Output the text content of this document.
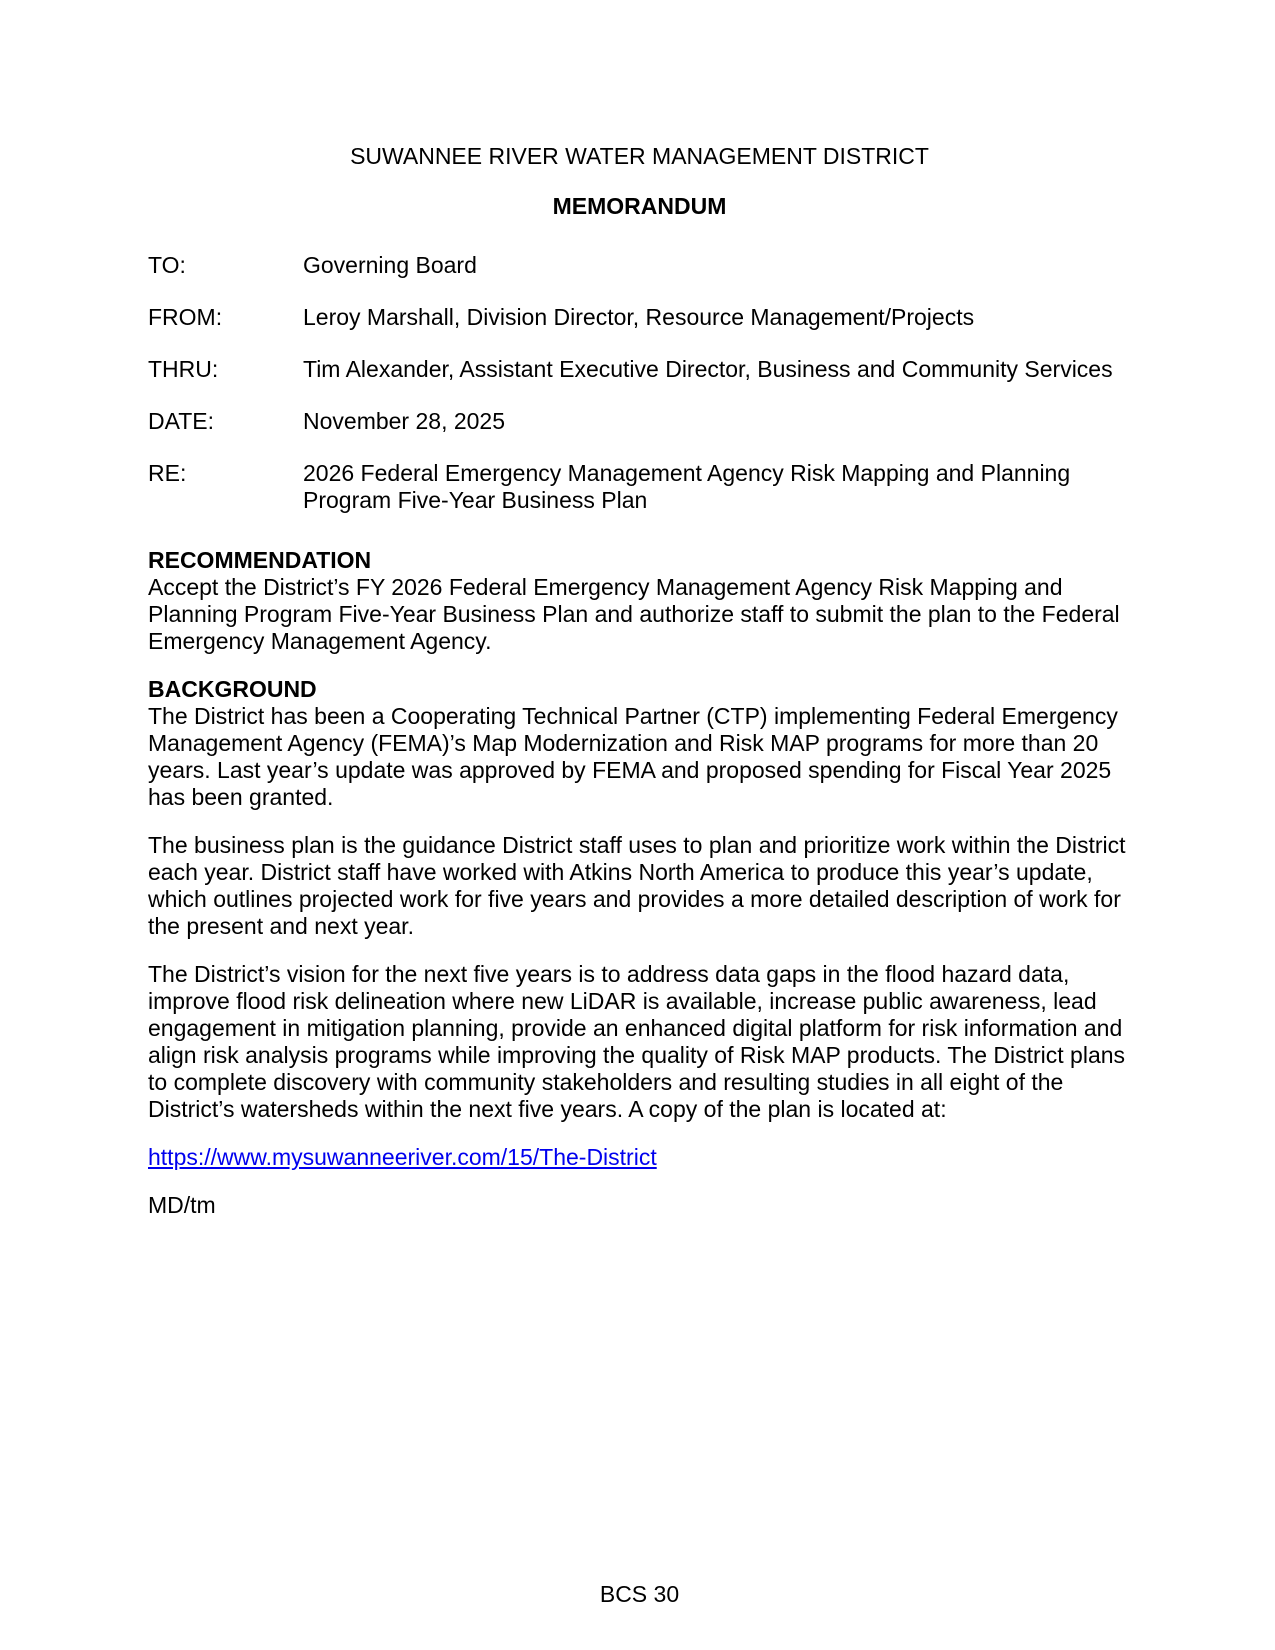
SUWANNEE RIVER WATER MANAGEMENT DISTRICT
MEMORANDUM
TO:	Governing Board
FROM:	Leroy Marshall, Division Director, Resource Management/Projects
THRU:	Tim Alexander, Assistant Executive Director, Business and Community Services
DATE:	November 28, 2025
RE:	2026 Federal Emergency Management Agency Risk Mapping and Planning Program Five-Year Business Plan
RECOMMENDATION

Accept the District’s FY 2026 Federal Emergency Management Agency Risk Mapping and Planning Program Five-Year Business Plan and authorize staff to submit the plan to the Federal Emergency Management Agency.

BACKGROUND

The District has been a Cooperating Technical Partner (CTP) implementing Federal Emergency Management Agency (FEMA)’s Map Modernization and Risk MAP programs for more than 20 years. Last year’s update was approved by FEMA and proposed spending for Fiscal Year 2025 has been granted.

The business plan is the guidance District staff uses to plan and prioritize work within the District each year. District staff have worked with Atkins North America to produce this year’s update, which outlines projected work for five years and provides a more detailed description of work for the present and next year.

The District’s vision for the next five years is to address data gaps in the flood hazard data, improve flood risk delineation where new LiDAR is available, increase public awareness, lead engagement in mitigation planning, provide an enhanced digital platform for risk information and align risk analysis programs while improving the quality of Risk MAP products. The District plans to complete discovery with community stakeholders and resulting studies in all eight of the District’s watersheds within the next five years. A copy of the plan is located at:

https://www.mysuwanneeriver.com/15/The-District

MD/tm

BCS 30
